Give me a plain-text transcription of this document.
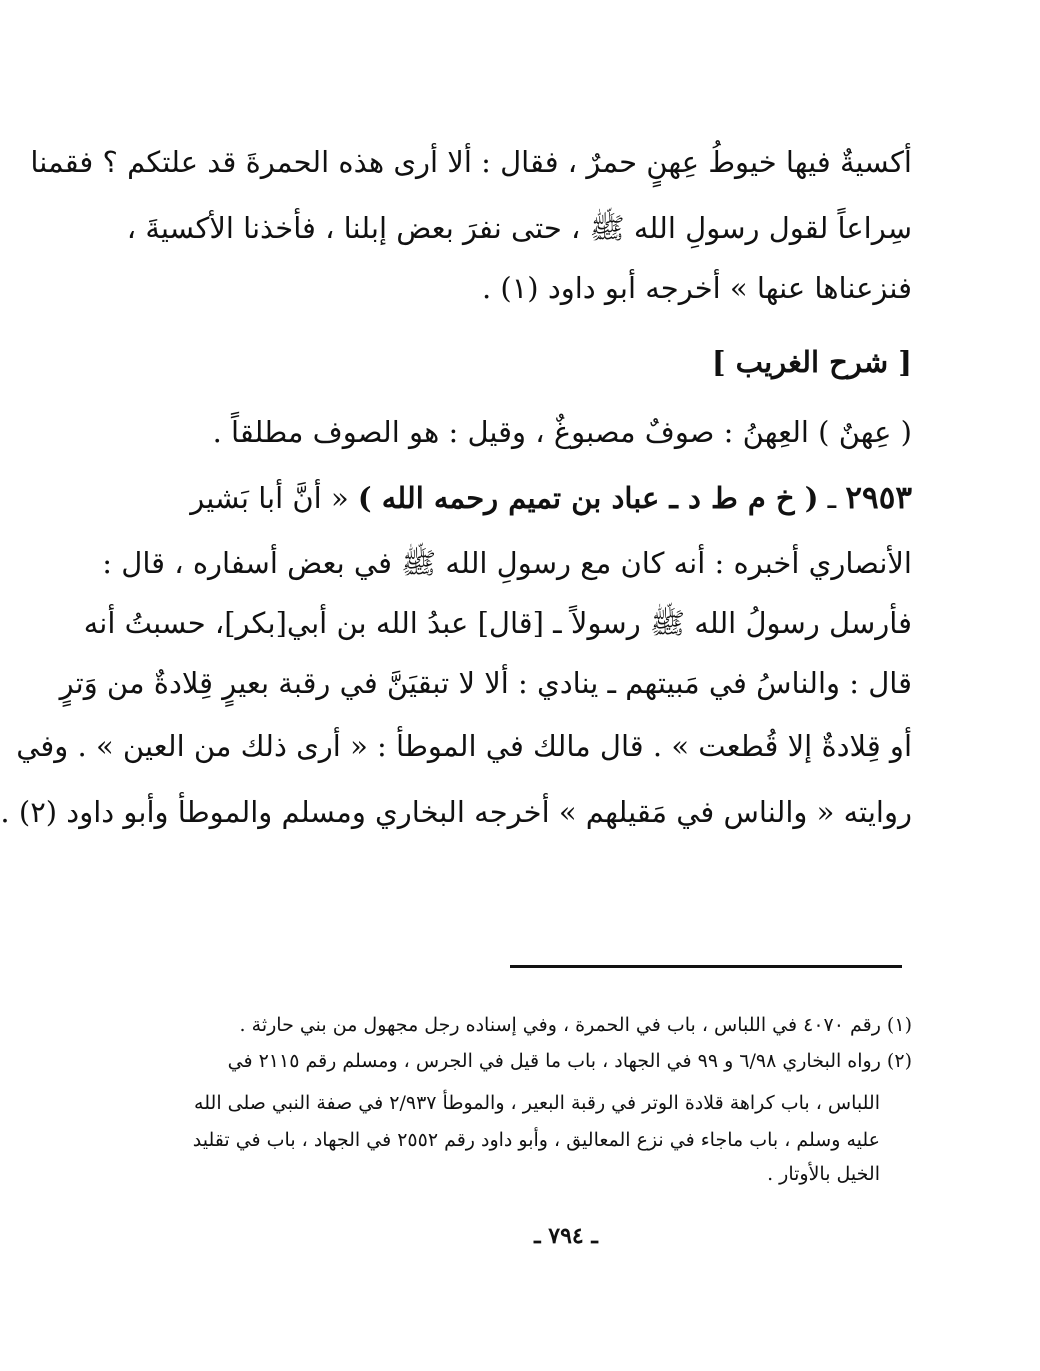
أكسيةٌ فيها خيوطُ عِهنٍ حمرٌ ، فقال : ألا أرى هذه الحمرةَ قد علتكم ؟ فقمنا
سِراعاً لقول رسولِ الله ﷺ ، حتى نفرَ بعض إبلنا ، فأخذنا الأكسيةَ ،
فنزعناها عنها » أخرجه أبو داود (١) .
[ شرح الغريب ]
( عِهنٌ ) العِهنُ : صوفٌ مصبوغٌ ، وقيل : هو الصوف مطلقاً .
٢٩٥٣ ـ ( خ م ط د ـ عباد بن تميم رحمه الله ) « أنَّ أبا بَشير
الأنصاري أخبره : أنه كان مع رسولِ الله ﷺ في بعض أسفاره ، قال :
فأرسل رسولُ الله ﷺ رسولاً ـ [قال] عبدُ الله بن أبي[بكر]، حسبتُ أنه
قال : والناسُ في مَبيتهم ـ ينادي : ألا لا تبقيَنَّ في رقبة بعيرٍ قِلادةٌ من وَترٍ
أو قِلادةٌ إلا قُطعت » . قال مالك في الموطأ : « أرى ذلك من العين » . وفي
روايته « والناس في مَقيلهم » أخرجه البخاري ومسلم والموطأ وأبو داود (٢) .
(١) رقم ٤٠٧٠ في اللباس ، باب في الحمرة ، وفي إسناده رجل مجهول من بني حارثة .
(٢) رواه البخاري ٦/٩٨ و ٩٩ في الجهاد ، باب ما قيل في الجرس ، ومسلم رقم ٢١١٥ في
اللباس ، باب كراهة قلادة الوتر في رقبة البعير ، والموطأ ٢/٩٣٧ في صفة النبي صلى الله
عليه وسلم ، باب ماجاء في نزع المعاليق ، وأبو داود رقم ٢٥٥٢ في الجهاد ، باب في تقليد
الخيل بالأوتار .
ـ ٧٩٤ ـ
